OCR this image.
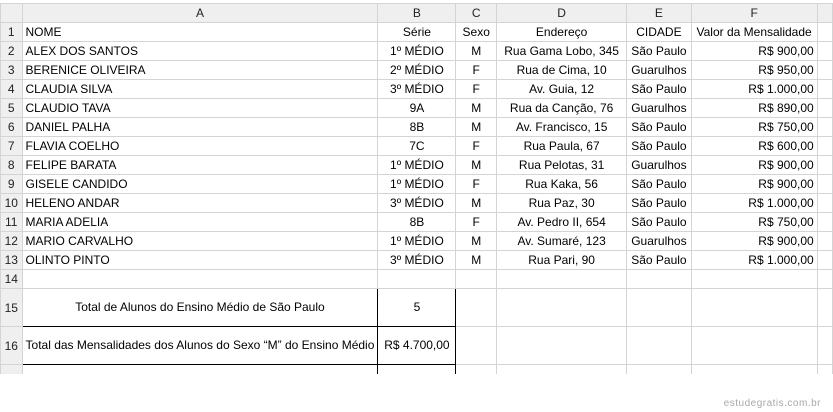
	A	B	C	D	E	F	
1	NOME	Série	Sexo	Endereço	CIDADE	Valor da Mensalidade	
2	ALEX DOS SANTOS	1º MÉDIO	M	Rua Gama Lobo, 345	São Paulo	R$ 900,00	
3	BERENICE OLIVEIRA	2º MÉDIO	F	Rua de Cima, 10	Guarulhos	R$ 950,00	
4	CLAUDIA SILVA	3º MÉDIO	F	Av. Guia, 12	São Paulo	R$ 1.000,00	
5	CLAUDIO TAVA	9A	M	Rua da Canção, 76	Guarulhos	R$ 890,00	
6	DANIEL PALHA	8B	M	Av. Francisco, 15	São Paulo	R$ 750,00	
7	FLAVIA COELHO	7C	F	Rua Paula, 67	São Paulo	R$ 600,00	
8	FELIPE BARATA	1º MÉDIO	M	Rua Pelotas, 31	Guarulhos	R$ 900,00	
9	GISELE CANDIDO	1º MÉDIO	F	Rua Kaka, 56	São Paulo	R$ 900,00	
10	HELENO ANDAR	3º MÉDIO	M	Rua Paz, 30	São Paulo	R$ 1.000,00	
11	MARIA ADELIA	8B	F	Av. Pedro II, 654	São Paulo	R$ 750,00	
12	MARIO CARVALHO	1º MÉDIO	M	Av. Sumaré, 123	Guarulhos	R$ 900,00	
13	OLINTO PINTO	3º MÉDIO	M	Rua Pari, 90	São Paulo	R$ 1.000,00	
14							
15	Total de Alunos do Ensino Médio de São Paulo	5					
16	Total das Mensalidades dos Alunos do Sexo “M” do Ensino Médio	R$ 4.700,00					

estudegratis.com.br
